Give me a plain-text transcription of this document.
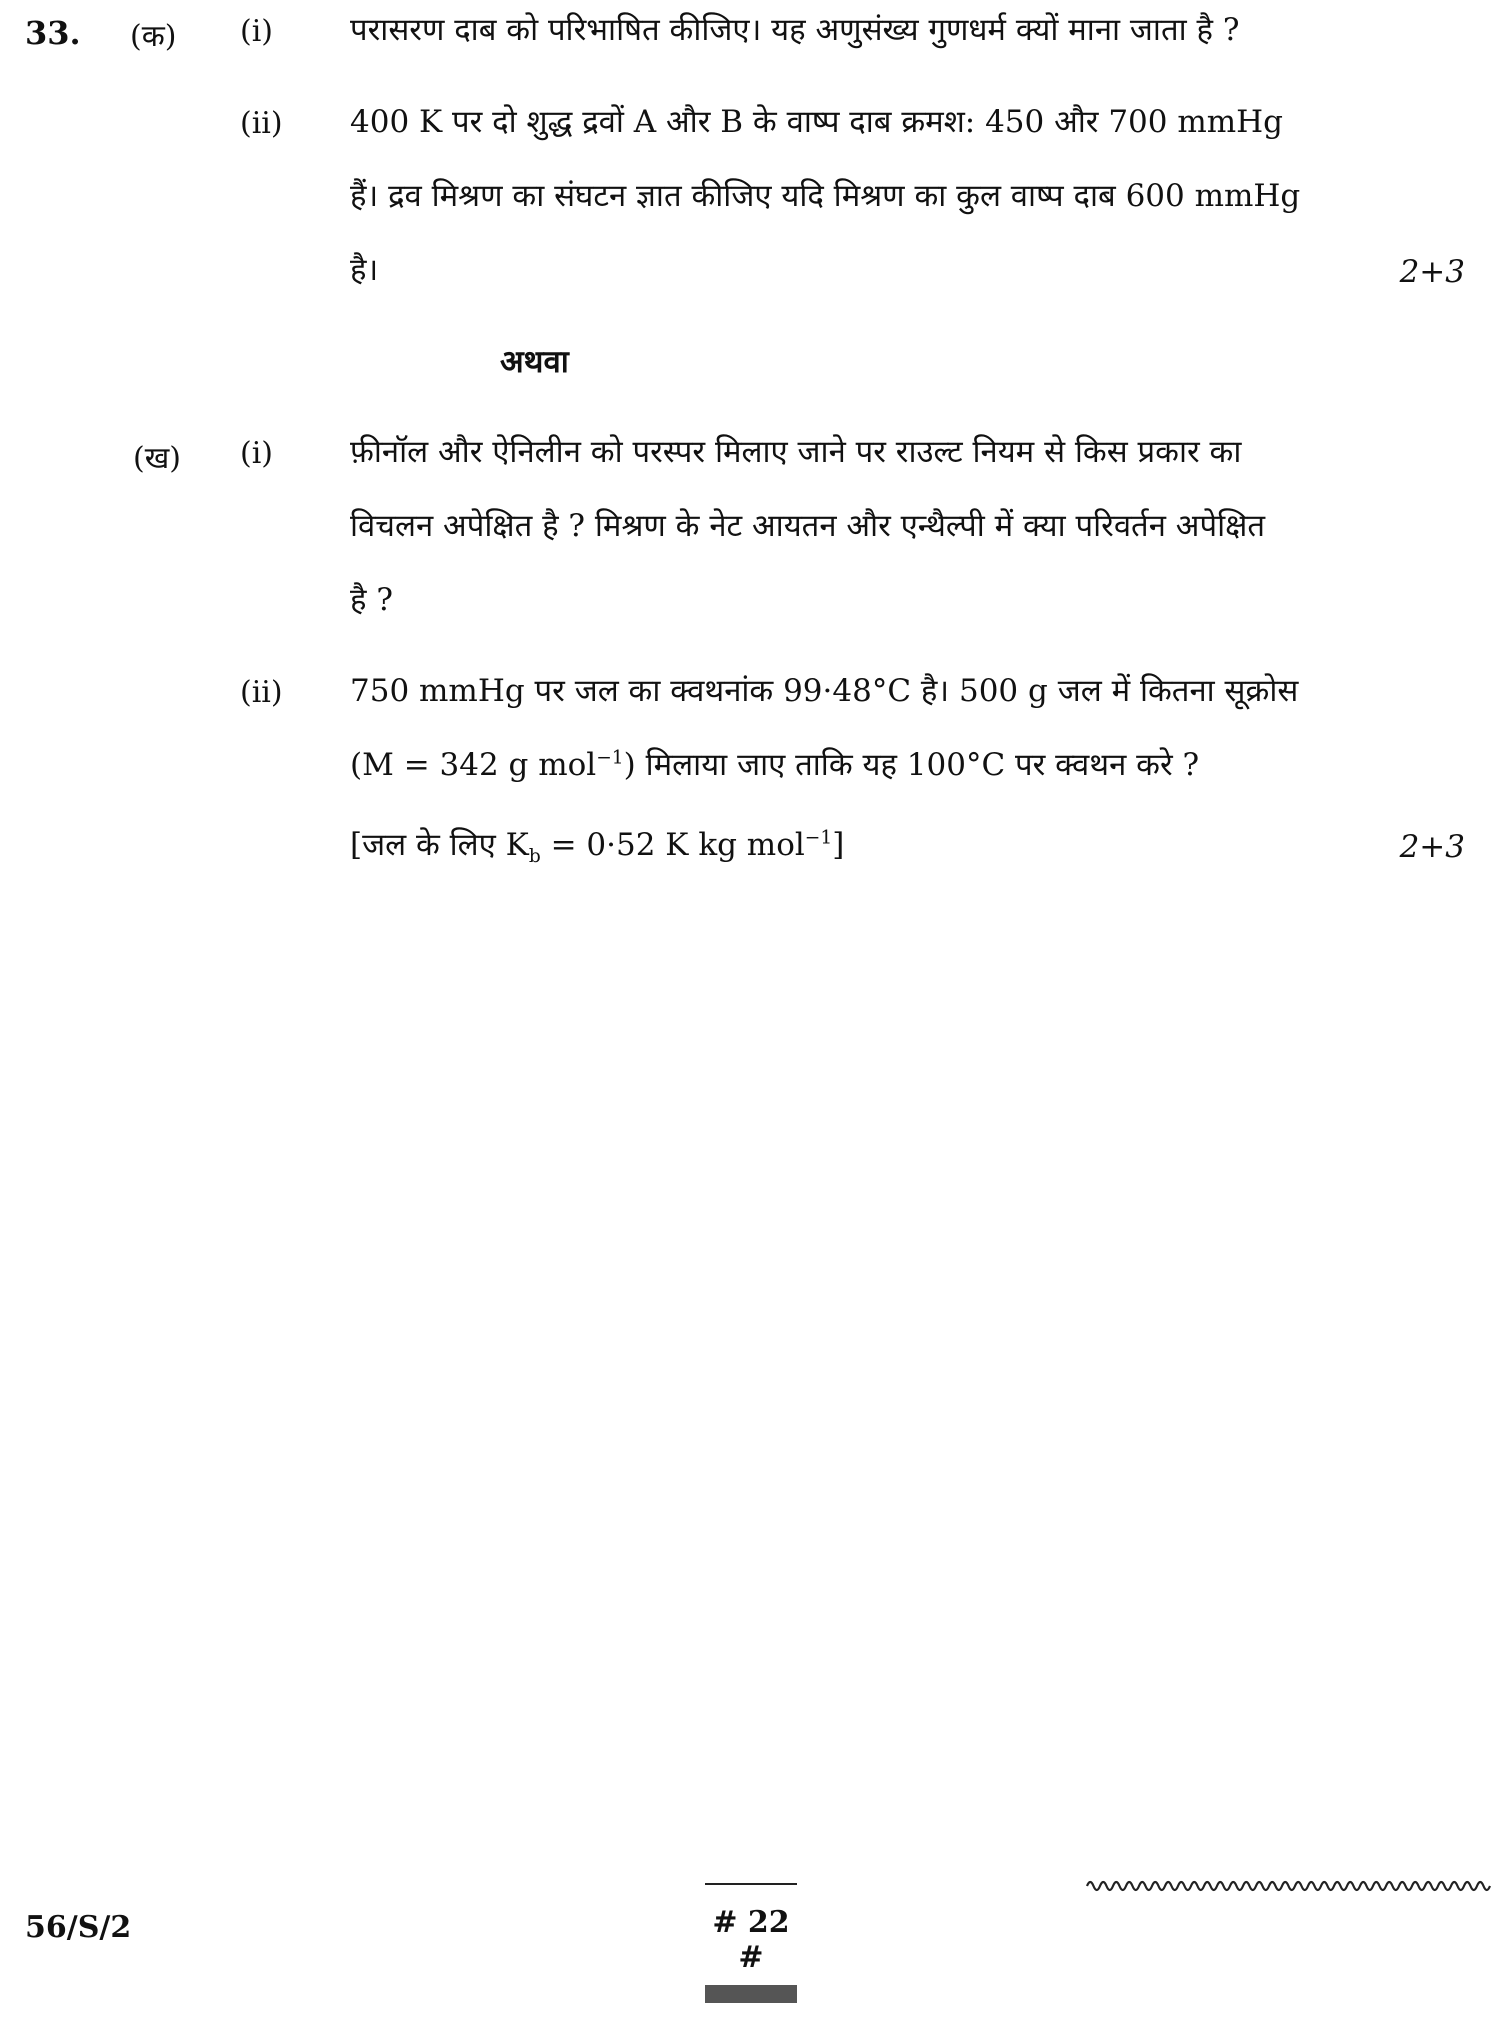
33. (क) (i) परासरण दाब को परिभाषित कीजिए। यह अणुसंख्य गुणधर्म क्यों माना जाता है ?
(ii) 400 K पर दो शुद्ध द्रवों A और B के वाष्प दाब क्रमश: 450 और 700 mmHg
हैं। द्रव मिश्रण का संघटन ज्ञात कीजिए यदि मिश्रण का कुल वाष्प दाब 600 mmHg
है।	2+3
अथवा
(ख) (i) फ़ीनॉल और ऐनिलीन को परस्पर मिलाए जाने पर राउल्ट नियम से किस प्रकार का
विचलन अपेक्षित है ? मिश्रण के नेट आयतन और एन्थैल्पी में क्या परिवर्तन अपेक्षित
है ?
(ii) 750 mmHg पर जल का क्वथनांक 99·48°C है। 500 g जल में कितना सूक्रोस
(M = 342 g mol$^{-1}$) मिलाया जाए ताकि यह 100°C पर क्वथन करे ?
[जल के लिए $K_b = 0\cdot 52$ K kg mol$^{-1}$]	2+3
56/S/2	# 22 #
